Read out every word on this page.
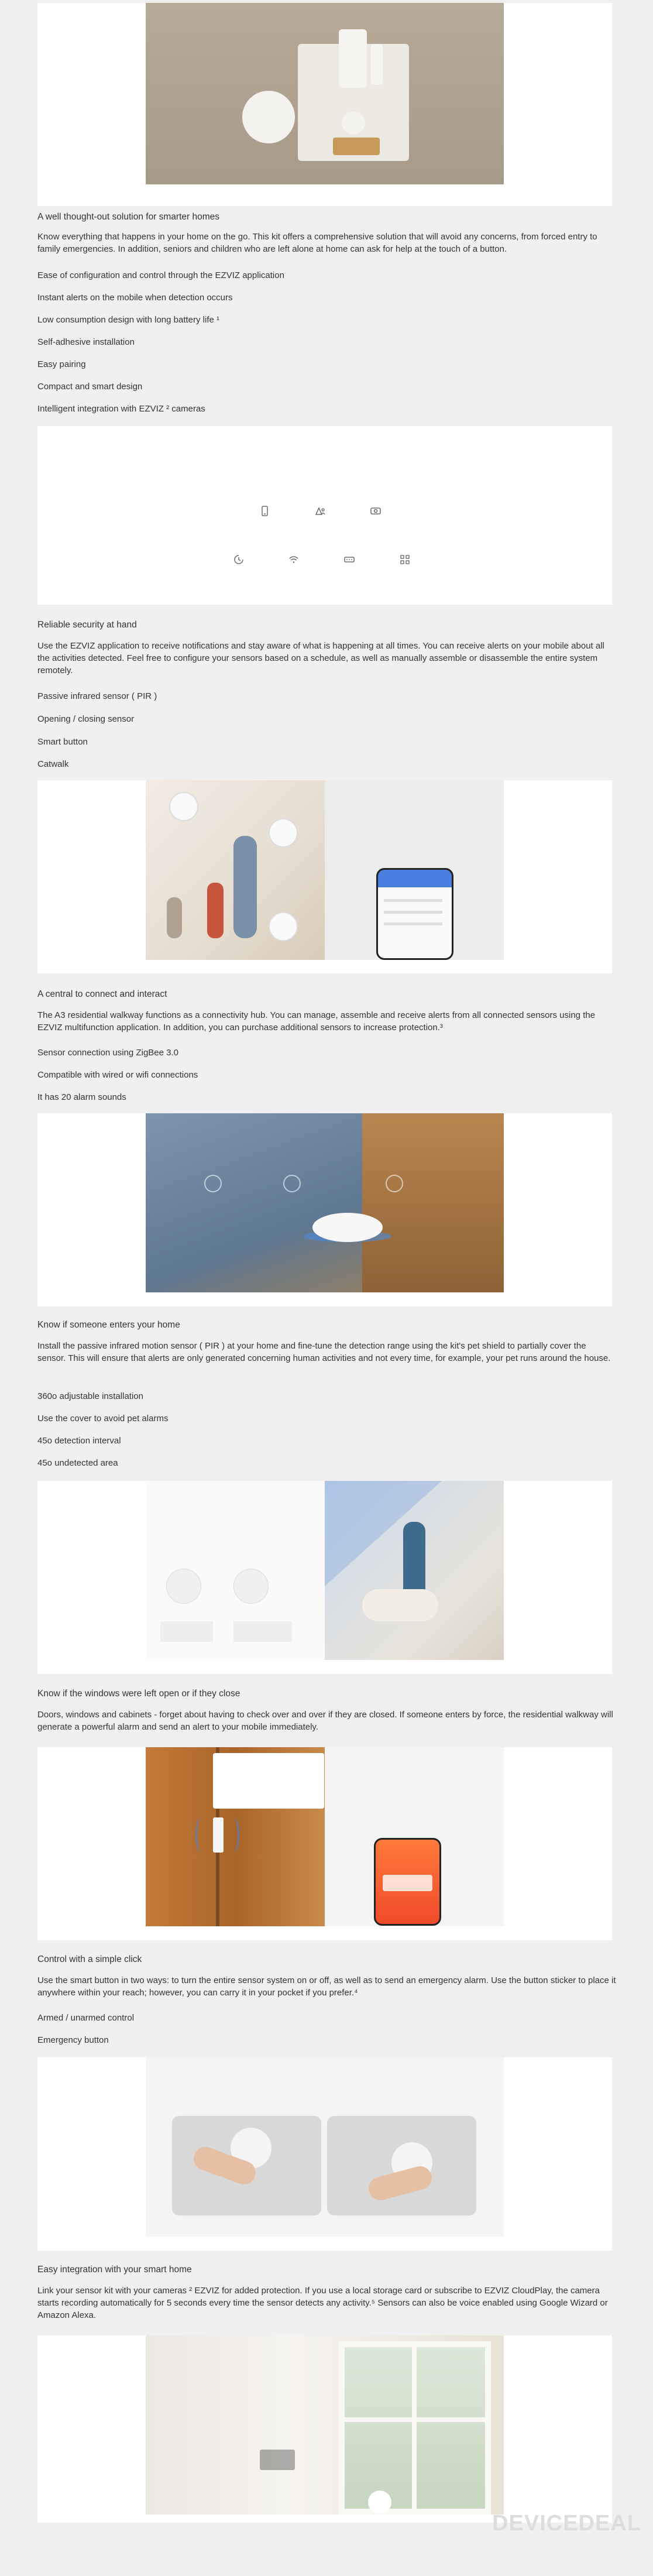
A well thought-out solution for smarter homes

Know everything that happens in your home on the go. This kit offers a comprehensive solution that will avoid any concerns, from forced entry to family emergencies. In addition, seniors and children who are left alone at home can ask for help at the touch of a button.

Ease of configuration and control through the EZVIZ application
Instant alerts on the mobile when detection occurs
Low consumption design with long battery life ¹
Self-adhesive installation
Easy pairing
Compact and smart design
Intelligent integration with EZVIZ ² cameras

Reliable security at hand

Use the EZVIZ application to receive notifications and stay aware of what is happening at all times. You can receive alerts on your mobile about all the activities detected. Feel free to configure your sensors based on a schedule, as well as manually assemble or disassemble the entire system remotely.

Passive infrared sensor ( PIR )
Opening / closing sensor
Smart button
Catwalk

A central to connect and interact

The A3 residential walkway functions as a connectivity hub. You can manage, assemble and receive alerts from all connected sensors using the EZVIZ multifunction application. In addition, you can purchase additional sensors to increase protection.³

Sensor connection using ZigBee 3.0
Compatible with wired or wifi connections
It has 20 alarm sounds

Know if someone enters your home

Install the passive infrared motion sensor ( PIR ) at your home and fine-tune the detection range using the kit's pet shield to partially cover the sensor. This will ensure that alerts are only generated concerning human activities and not every time, for example, your pet runs around the house.

360o adjustable installation
Use the cover to avoid pet alarms
45o detection interval
45o undetected area

Know if the windows were left open or if they close

Doors, windows and cabinets - forget about having to check over and over if they are closed. If someone enters by force, the residential walkway will generate a powerful alarm and send an alert to your mobile immediately.

Control with a simple click

Use the smart button in two ways: to turn the entire sensor system on or off, as well as to send an emergency alarm. Use the button sticker to place it anywhere within your reach; however, you can carry it in your pocket if you prefer.⁴

Armed / unarmed control
Emergency button

Easy integration with your smart home

Link your sensor kit with your cameras ² EZVIZ for added protection. If you use a local storage card or subscribe to EZVIZ CloudPlay, the camera starts recording automatically for 5 seconds every time the sensor detects any activity.⁵ Sensors can also be voice enabled using Google Wizard or Amazon Alexa.

DEVICEDEAL
